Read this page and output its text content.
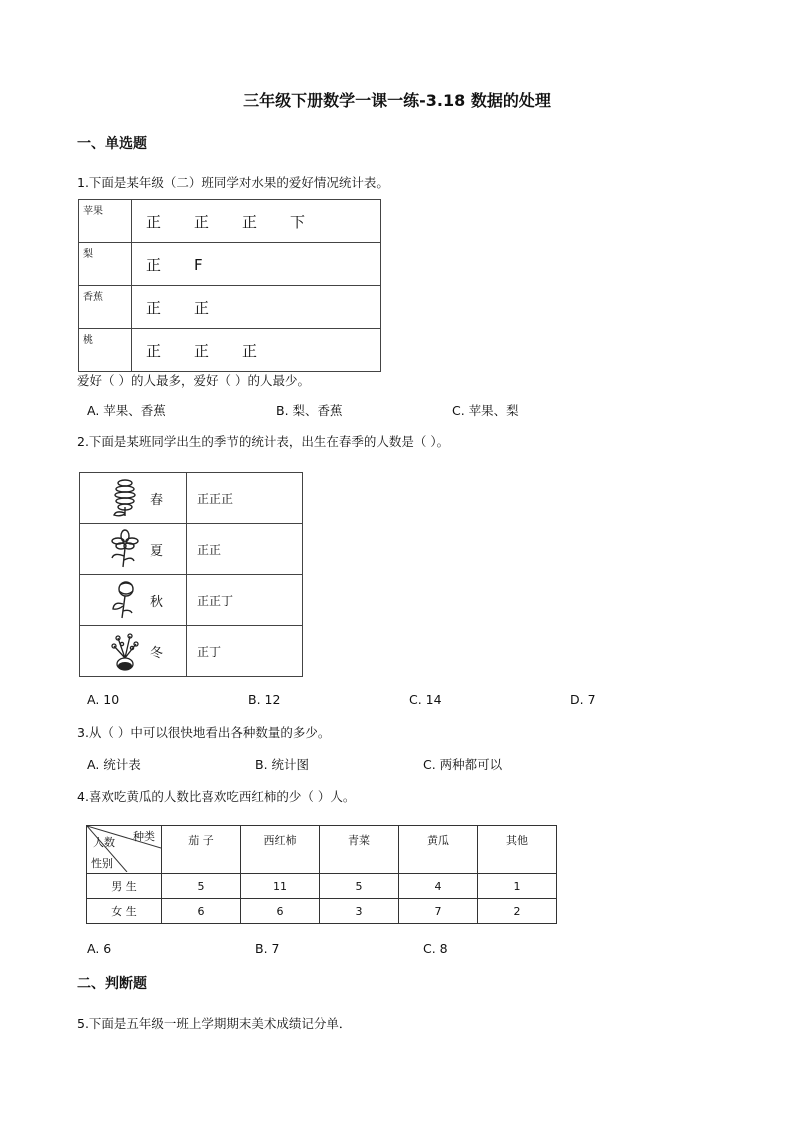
三年级下册数学一课一练-3.18 数据的处理
一、单选题
1.下面是某年级（二）班同学对水果的爱好情况统计表。
苹果	正 正 正 下
梨	正 F
香蕉	正 正
桃	正 正 正
爱好（ ）的人最多，爱好（ ）的人最少。
A. 苹果、香蕉	B. 梨、香蕉	C. 苹果、梨
2.下面是某班同学出生的季节的统计表，出生在春季的人数是（ ）。
春	正正正

夏	正正

秋	正正丁

冬	正丁
A. 10	B. 12	C. 14	D. 7
3.从（ ）中可以很快地看出各种数量的多少。
A. 统计表	B. 统计图	C. 两种都可以
4.喜欢吃黄瓜的人数比喜欢吃西红柿的少（ ）人。
种类
人数
性别	茄 子	西红柿	青菜	黄瓜	其他
男 生	5	11	5	4	1
女 生	6	6	3	7	2
A. 6	B. 7	C. 8
二、判断题
5.下面是五年级一班上学期期末美术成绩记分单．
